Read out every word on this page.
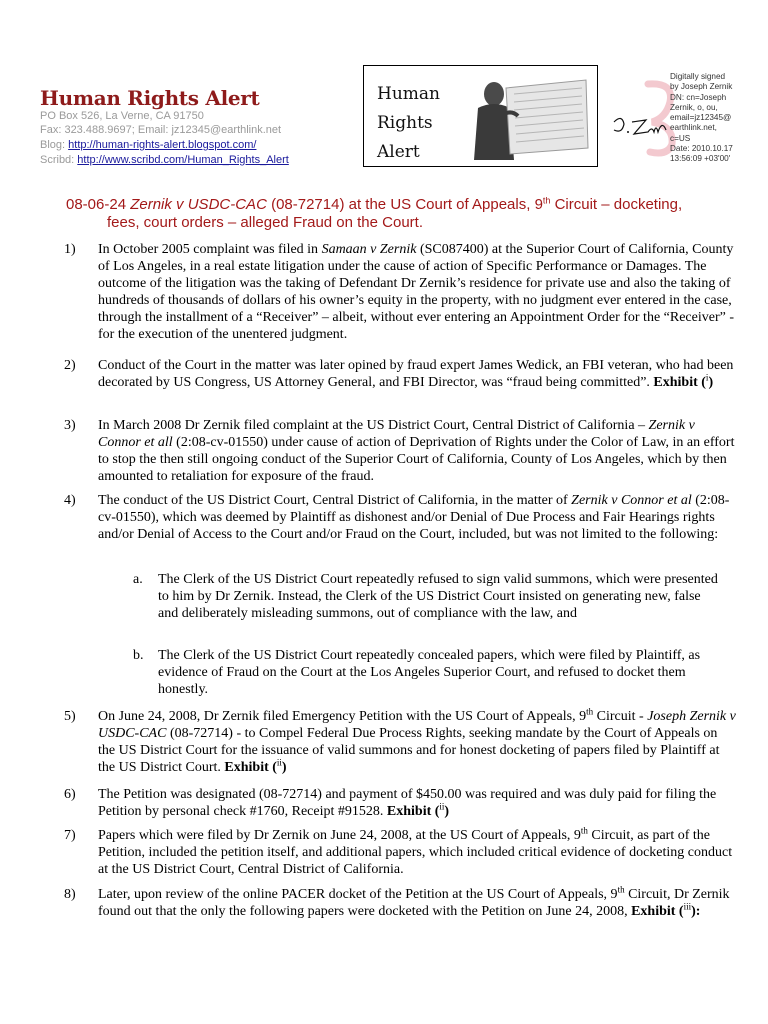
Human Rights Alert
PO Box 526, La Verne, CA 91750
Fax: 323.488.9697; Email: jz12345@earthlink.net
Blog: http://human-rights-alert.blogspot.com/
Scribd: http://www.scribd.com/Human_Rights_Alert
Human
Rights
Alert
Digitally signed
by Joseph Zernik
DN: cn=Joseph
Zernik, o, ou,
email=jz12345@
earthlink.net,
c=US
Date: 2010.10.17
13:56:09 +03'00'
08-06-24 Zernik v USDC-CAC (08-72714) at the US Court of Appeals, 9th Circuit – docketing,
fees, court orders – alleged Fraud on the Court.
1) In October 2005 complaint was filed in Samaan v Zernik (SC087400) at the Superior Court of California, County of Los Angeles, in a real estate litigation under the cause of action of Specific Performance or Damages. The outcome of the litigation was the taking of Defendant Dr Zernik’s residence for private use and also the taking of hundreds of thousands of dollars of his owner’s equity in the property, with no judgment ever entered in the case, through the installment of a “Receiver” – albeit, without ever entering an Appointment Order for the “Receiver” - for the execution of the unentered judgment.
2) Conduct of the Court in the matter was later opined by fraud expert James Wedick, an FBI veteran, who had been decorated by US Congress, US Attorney General, and FBI Director, was “fraud being committed”. Exhibit ($^i$)
3) In March 2008 Dr Zernik filed complaint at the US District Court, Central District of California – Zernik v Connor et all (2:08-cv-01550) under cause of action of Deprivation of Rights under the Color of Law, in an effort to stop the then still ongoing conduct of the Superior Court of California, County of Los Angeles, which by then amounted to retaliation for exposure of the fraud.
4) The conduct of the US District Court, Central District of California, in the matter of Zernik v Connor et al (2:08-cv-01550), which was deemed by Plaintiff as dishonest and/or Denial of Due Process and Fair Hearings rights and/or Denial of Access to the Court and/or Fraud on the Court, included, but was not limited to the following:
a. The Clerk of the US District Court repeatedly refused to sign valid summons, which were presented to him by Dr Zernik. Instead, the Clerk of the US District Court insisted on generating new, false and deliberately misleading summons, out of compliance with the law, and
b. The Clerk of the US District Court repeatedly concealed papers, which were filed by Plaintiff, as evidence of Fraud on the Court at the Los Angeles Superior Court, and refused to docket them honestly.
5) On June 24, 2008, Dr Zernik filed Emergency Petition with the US Court of Appeals, 9th Circuit - Joseph Zernik v USDC-CAC (08-72714) - to Compel Federal Due Process Rights, seeking mandate by the Court of Appeals on the US District Court for the issuance of valid summons and for honest docketing of papers filed by Plaintiff at the US District Court. Exhibit ($^{ii}$)
6) The Petition was designated (08-72714) and payment of $450.00 was required and was duly paid for filing the Petition by personal check #1760, Receipt #91528. Exhibit ($^{ii}$)
7) Papers which were filed by Dr Zernik on June 24, 2008, at the US Court of Appeals, 9th Circuit, as part of the Petition, included the petition itself, and additional papers, which included critical evidence of docketing conduct at the US District Court, Central District of California.
8) Later, upon review of the online PACER docket of the Petition at the US Court of Appeals, 9th Circuit, Dr Zernik found out that the only the following papers were docketed with the Petition on June 24, 2008, Exhibit ($^{iii}$):
